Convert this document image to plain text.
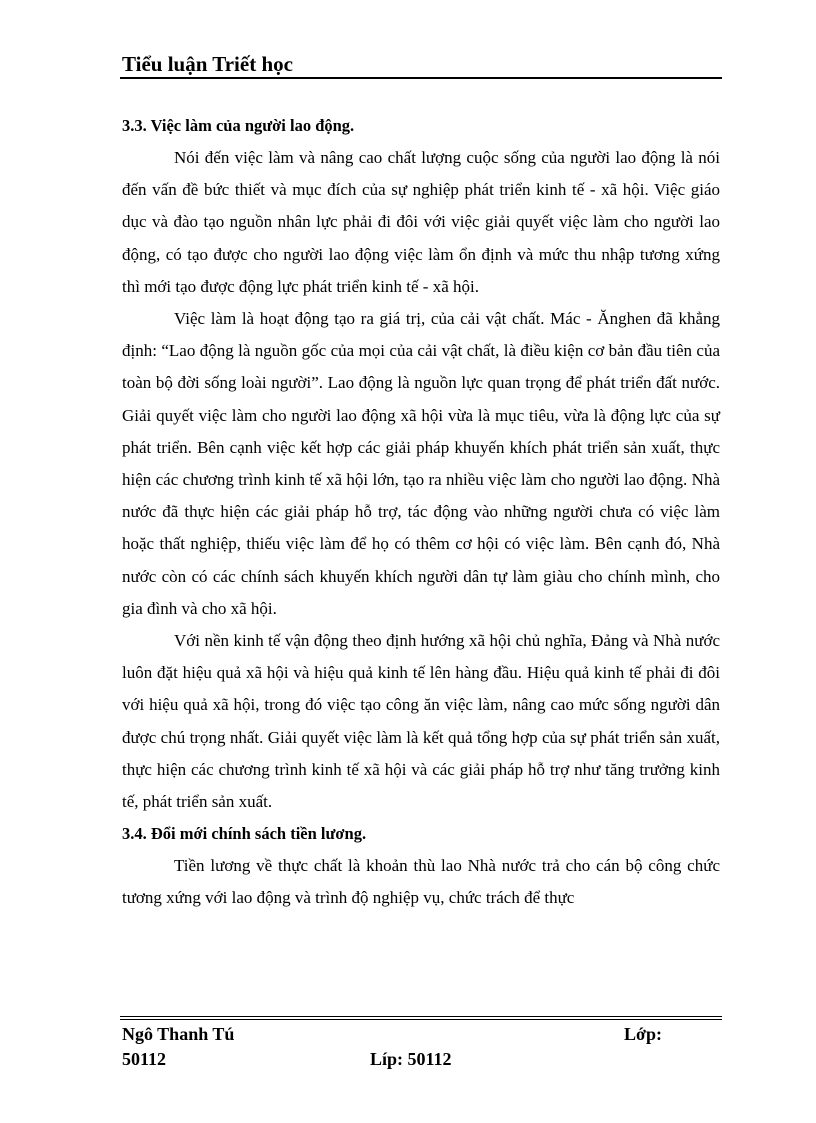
Tiểu luận Triết học
3.3. Việc làm của người lao động.

Nói đến việc làm và nâng cao chất lượng cuộc sống của người lao động là nói đến vấn đề bức thiết và mục đích của sự nghiệp phát triển kinh tế - xã hội. Việc giáo dục và đào tạo nguồn nhân lực phải đi đôi với việc giải quyết việc làm cho người lao động, có tạo được cho người lao động việc làm ổn định và mức thu nhập tương xứng thì mới tạo được động lực phát triển kinh tế - xã hội.

Việc làm là hoạt động tạo ra giá trị, của cải vật chất. Mác - Ănghen đã khẳng định: “Lao động là nguồn gốc của mọi của cải vật chất, là điều kiện cơ bản đầu tiên của toàn bộ đời sống loài người”. Lao động là nguồn lực quan trọng để phát triển đất nước. Giải quyết việc làm cho người lao động xã hội vừa là mục tiêu, vừa là động lực của sự phát triển. Bên cạnh việc kết hợp các giải pháp khuyến khích phát triển sản xuất, thực hiện các chương trình kinh tế xã hội lớn, tạo ra nhiều việc làm cho người lao động. Nhà nước đã thực hiện các giải pháp hỗ trợ, tác động vào những người chưa có việc làm hoặc thất nghiệp, thiếu việc làm để họ có thêm cơ hội có việc làm. Bên cạnh đó, Nhà nước còn có các chính sách khuyến khích người dân tự làm giàu cho chính mình, cho gia đình và cho xã hội.

Với nền kinh tế vận động theo định hướng xã hội chủ nghĩa, Đảng và Nhà nước luôn đặt hiệu quả xã hội và hiệu quả kinh tế lên hàng đầu. Hiệu quả kinh tế phải đi đôi với hiệu quả xã hội, trong đó việc tạo công ăn việc làm, nâng cao mức sống người dân được chú trọng nhất. Giải quyết việc làm là kết quả tổng hợp của sự phát triển sản xuất, thực hiện các chương trình kinh tế xã hội và các giải pháp hỗ trợ như tăng trưởng kinh tế, phát triển sản xuất.

3.4. Đổi mới chính sách tiền lương.

Tiền lương về thực chất là khoản thù lao Nhà nước trả cho cán bộ công chức tương xứng với lao động và trình độ nghiệp vụ, chức trách để thực

Ngô Thanh Tú	Lớp:
50112	Líp: 50112
